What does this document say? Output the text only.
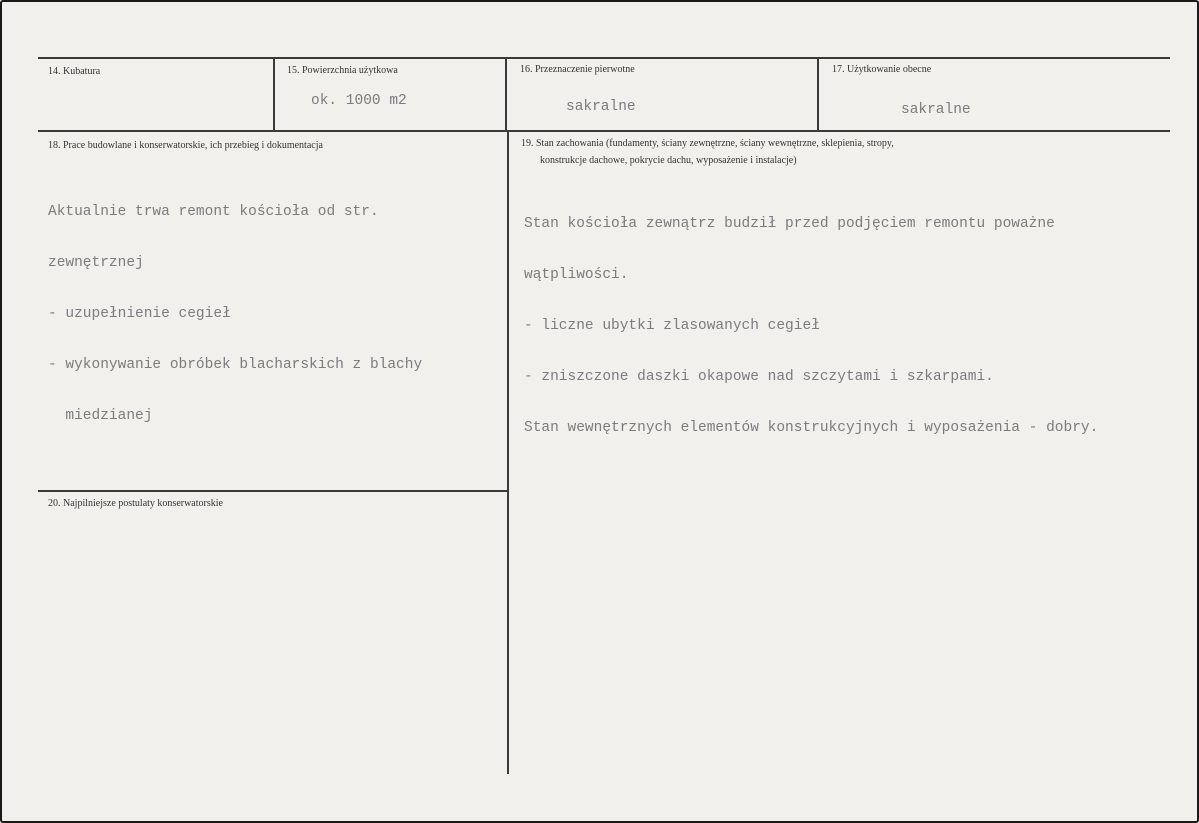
14. Kubatura	15. Powierzchnia użytkowa
ok. 1000 m2
16. Przeznaczenie pierwotne
sakralne
17. Użytkowanie obecne
sakralne
18. Prace budowlane i konserwatorskie, ich przebieg i dokumentacja

Aktualnie trwa remont kościoła od str.

zewnętrznej

- uzupełnienie cegieł

- wykonywanie obróbek blacharskich z blachy

miedzianej

19. Stan zachowania (fundamenty, ściany zewnętrzne, ściany wewnętrzne, sklepienia, stropy,
konstrukcje dachowe, pokrycie dachu, wyposażenie i instalacje)

Stan kościoła zewnątrz budził przed podjęciem remontu poważne

wątpliwości.

- liczne ubytki zlasowanych cegieł

- zniszczone daszki okapowe nad szczytami i szkarpami.

Stan wewnętrznych elementów konstrukcyjnych i wyposażenia - dobry.

20. Najpilniejsze postulaty konserwatorskie
